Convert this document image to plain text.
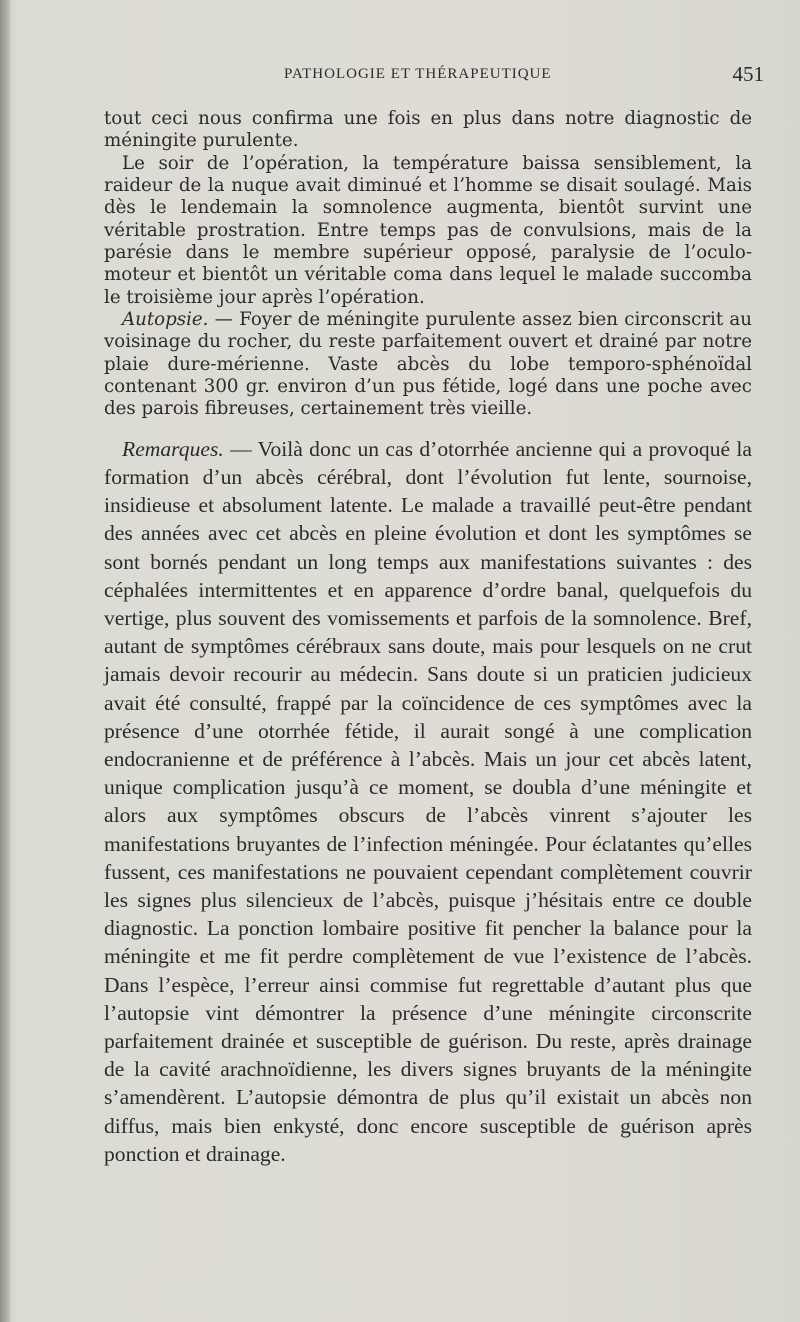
PATHOLOGIE ET THÉRAPEUTIQUE	451

tout ceci nous confirma une fois en plus dans notre diagnostic de méningite purulente.

Le soir de l’opération, la température baissa sensiblement, la raideur de la nuque avait diminué et l’homme se disait soulagé. Mais dès le lendemain la somnolence augmenta, bientôt survint une véritable prostration. Entre temps pas de convulsions, mais de la parésie dans le membre supérieur opposé, paralysie de l’oculo-moteur et bientôt un véritable coma dans lequel le malade succomba le troisième jour après l’opération.

Autopsie. — Foyer de méningite purulente assez bien circonscrit au voisinage du rocher, du reste parfaitement ouvert et drainé par notre plaie dure-mérienne. Vaste abcès du lobe temporo-sphénoïdal contenant 300 gr. environ d’un pus fétide, logé dans une poche avec des parois fibreuses, certainement très vieille.

Remarques. — Voilà donc un cas d’otorrhée ancienne qui a provoqué la formation d’un abcès cérébral, dont l’évolution fut lente, sournoise, insidieuse et absolument latente. Le malade a travaillé peut-être pendant des années avec cet abcès en pleine évolution et dont les symptômes se sont bornés pendant un long temps aux manifestations suivantes : des céphalées intermittentes et en apparence d’ordre banal, quelquefois du vertige, plus souvent des vomissements et parfois de la somnolence. Bref, autant de symptômes cérébraux sans doute, mais pour lesquels on ne crut jamais devoir recourir au médecin. Sans doute si un praticien judicieux avait été consulté, frappé par la coïncidence de ces symptômes avec la présence d’une otorrhée fétide, il aurait songé à une complication endocranienne et de préférence à l’abcès. Mais un jour cet abcès latent, unique complication jusqu’à ce moment, se doubla d’une méningite et alors aux symptômes obscurs de l’abcès vinrent s’ajouter les manifestations bruyantes de l’infection méningée. Pour éclatantes qu’elles fussent, ces manifestations ne pouvaient cependant complètement couvrir les signes plus silencieux de l’abcès, puisque j’hésitais entre ce double diagnostic. La ponction lombaire positive fit pencher la balance pour la méningite et me fit perdre complètement de vue l’existence de l’abcès. Dans l’espèce, l’erreur ainsi commise fut regrettable d’autant plus que l’autopsie vint démontrer la présence d’une méningite circonscrite parfaitement drainée et susceptible de guérison. Du reste, après drainage de la cavité arachnoïdienne, les divers signes bruyants de la méningite s’amendèrent. L’autopsie démontra de plus qu’il existait un abcès non diffus, mais bien enkysté, donc encore susceptible de guérison après ponction et drainage.
